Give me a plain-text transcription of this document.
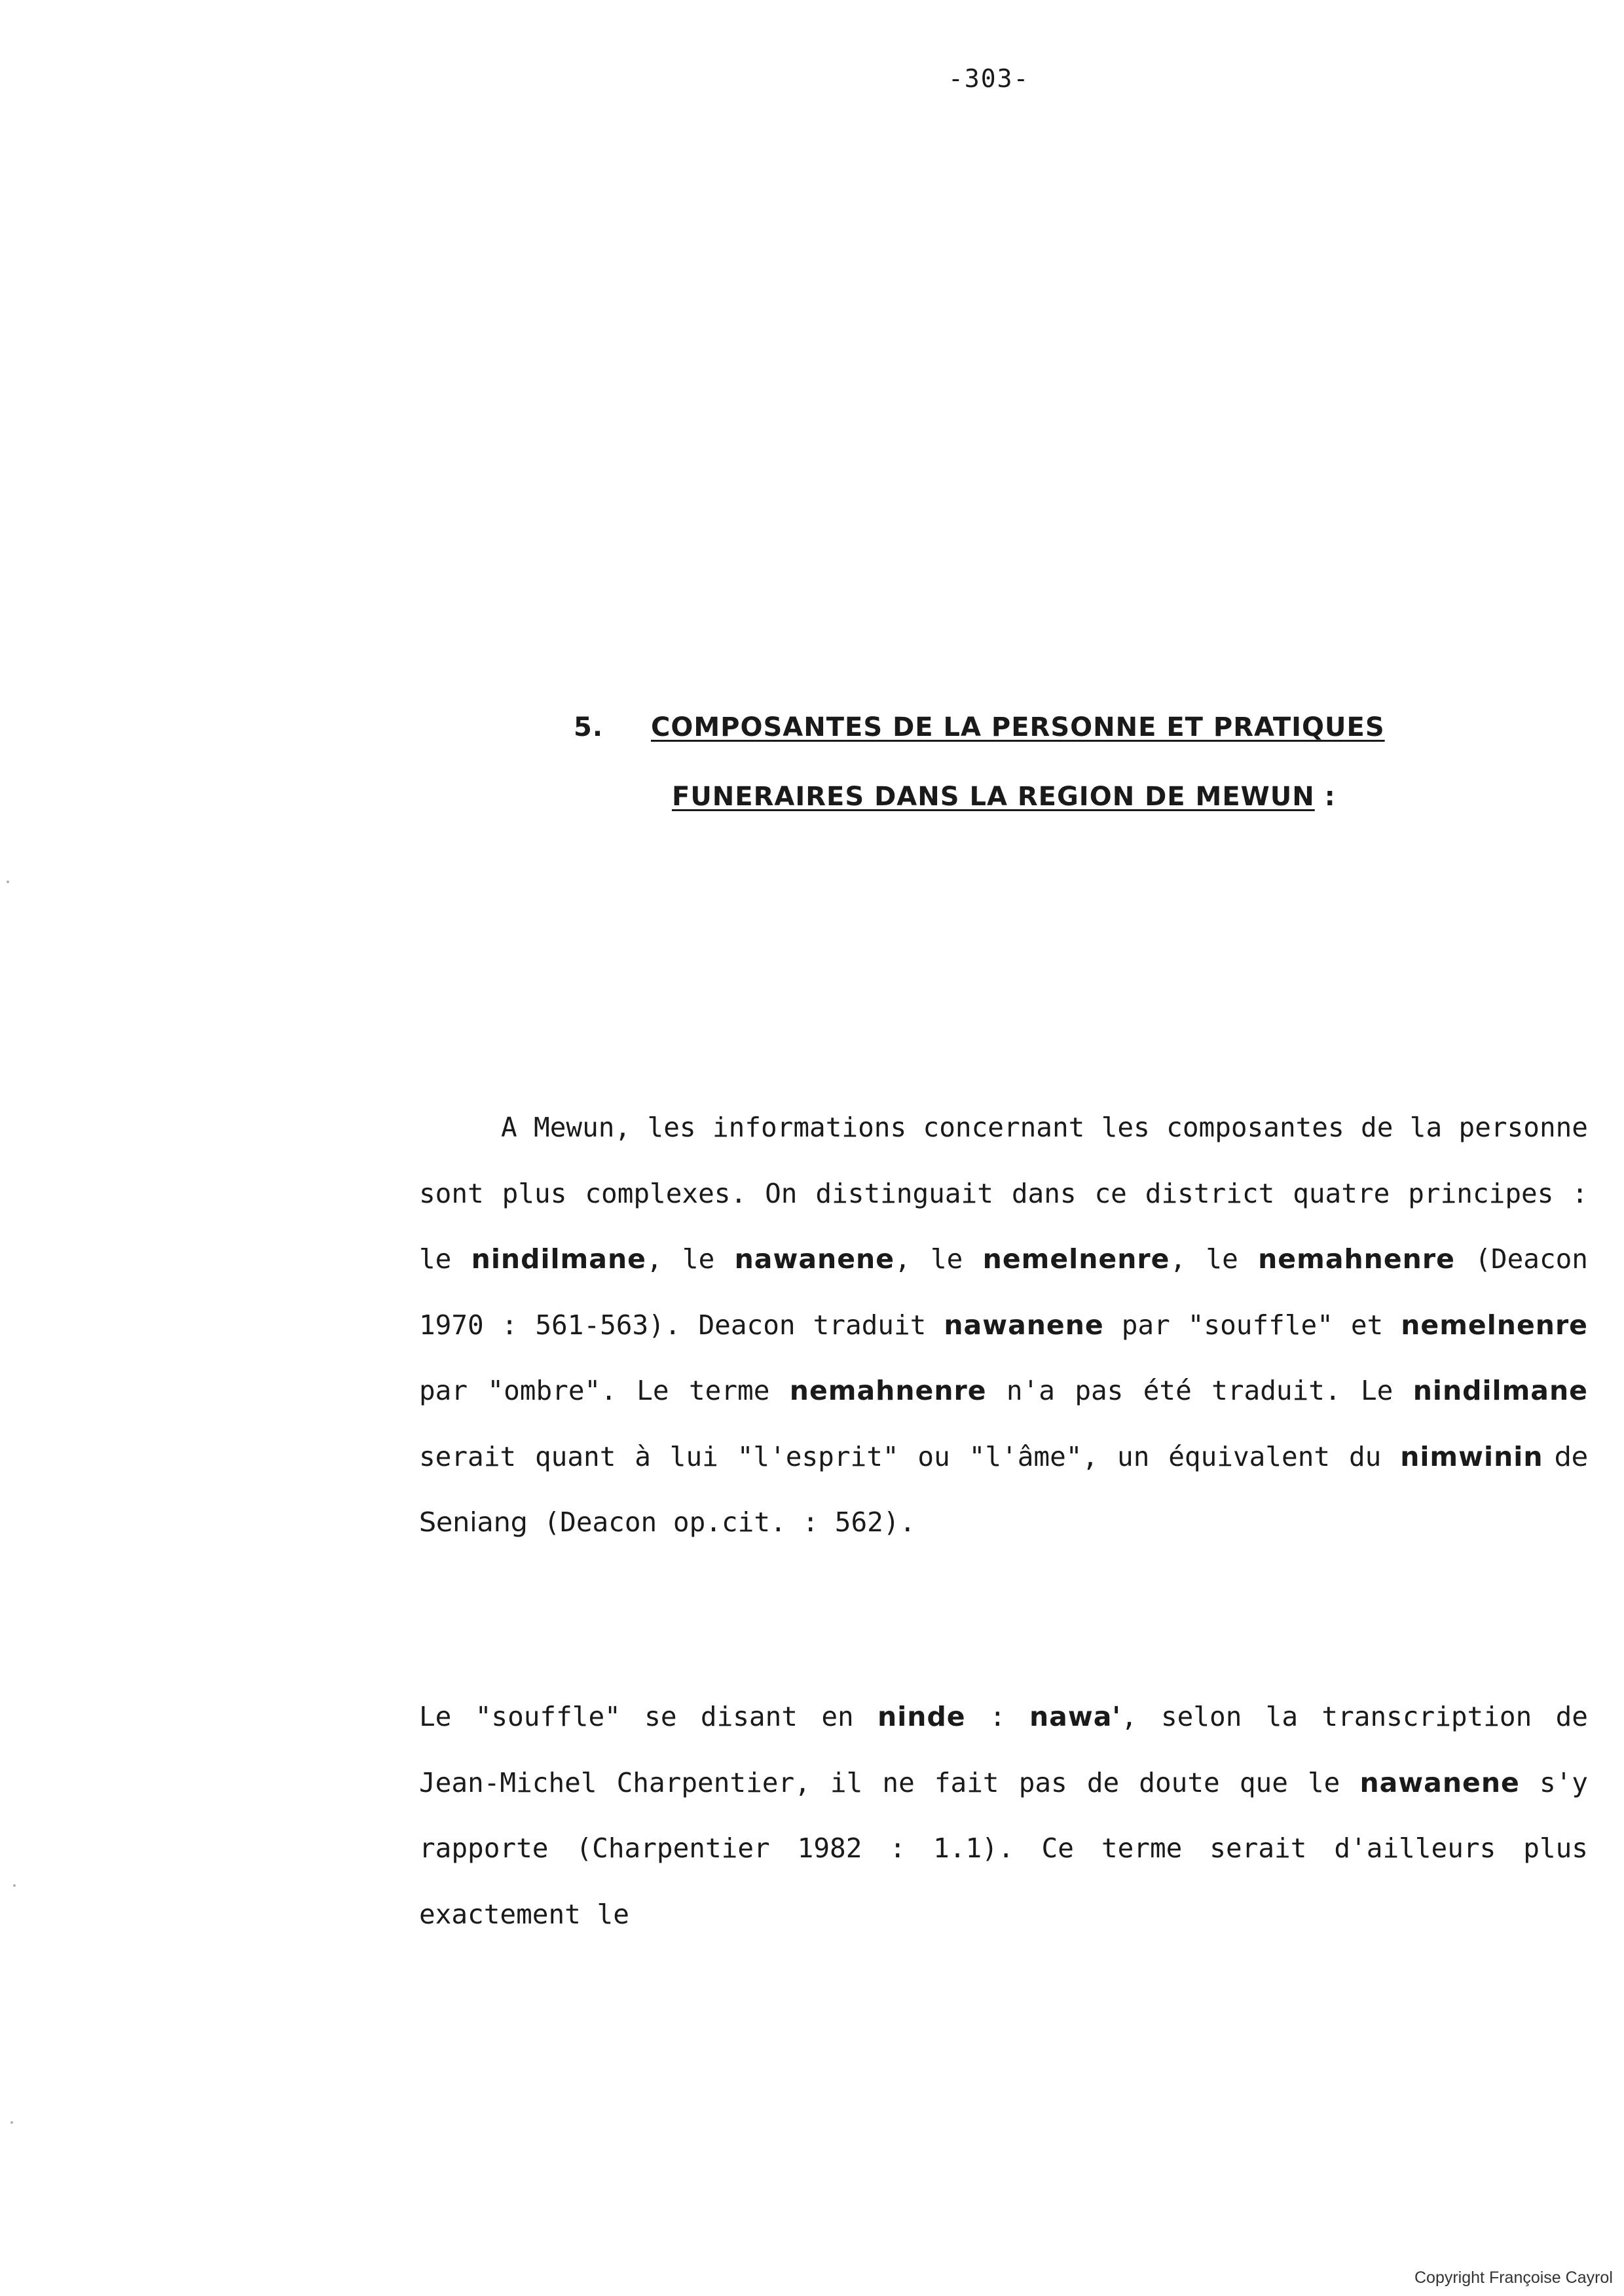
-303-
5. COMPOSANTES DE LA PERSONNE ET PRATIQUES
FUNERAIRES DANS LA REGION DE MEWUN :

A Mewun, les informations concernant les composantes de la personne sont plus complexes. On distinguait dans ce district quatre principes : le nindilmane, le nawanene, le nemelnenre, le nemahnenre (Deacon 1970 : 561-563). Deacon traduit nawanene par "souffle" et nemelnenre par "ombre". Le terme nemahnenre n'a pas été traduit. Le nindilmane serait quant à lui "l'esprit" ou "l'âme", un équivalent du nimwinin de Seniang (Deacon op.cit. : 562).

Le "souffle" se disant en ninde : nawa', selon la transcription de Jean-Michel Charpentier, il ne fait pas de doute que le nawanene s'y rapporte (Charpentier 1982 : 1.1). Ce terme serait d'ailleurs plus exactement le

Copyright Françoise Cayrol
